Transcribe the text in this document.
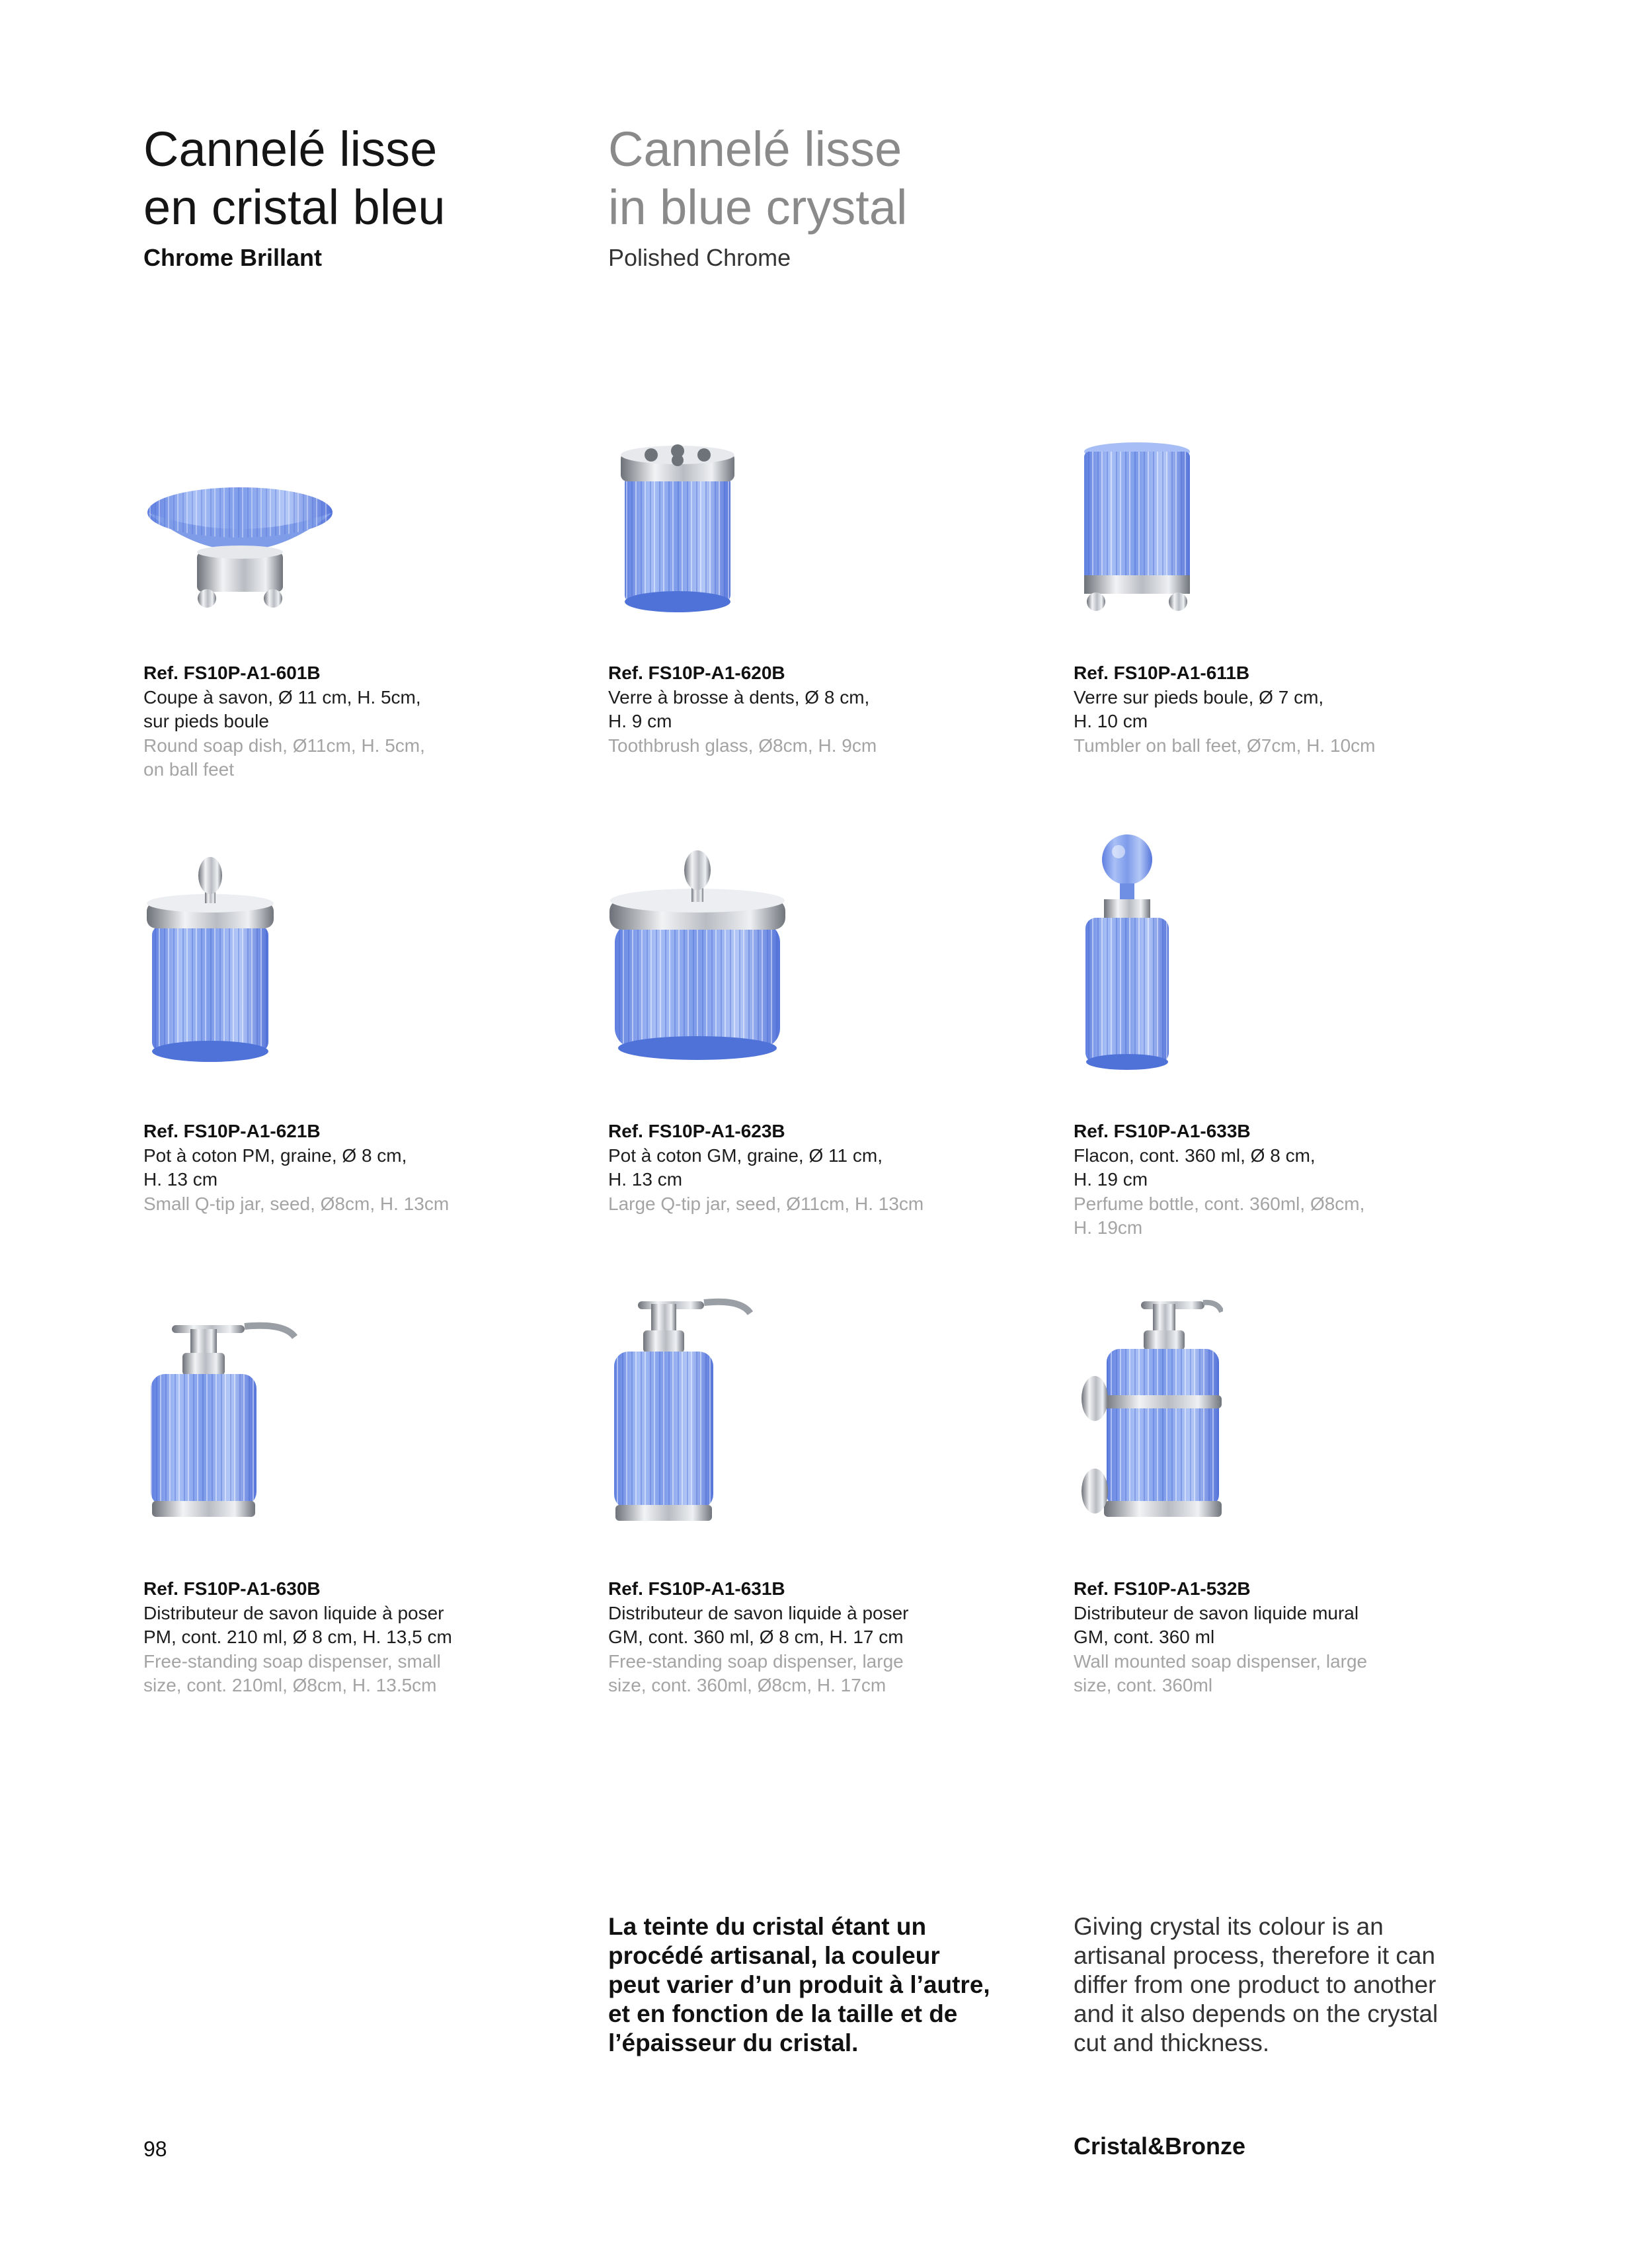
Cannelé lisse
en cristal bleu
Chrome Brillant
Cannelé lisse
in blue crystal
Polished Chrome
Ref. FS10P-A1-601B
Coupe à savon, Ø 11 cm, H. 5cm,
sur pieds boule
Round soap dish, Ø11cm, H. 5cm,
on ball feet
Ref. FS10P-A1-620B
Verre à brosse à dents, Ø 8 cm,
H. 9 cm
Toothbrush glass, Ø8cm, H. 9cm
Ref. FS10P-A1-611B
Verre sur pieds boule, Ø 7 cm,
H. 10 cm
Tumbler on ball feet, Ø7cm, H. 10cm
Ref. FS10P-A1-621B
Pot à coton PM, graine, Ø 8 cm,
H. 13 cm
Small Q-tip jar, seed, Ø8cm, H. 13cm
Ref. FS10P-A1-623B
Pot à coton GM, graine, Ø 11 cm,
H. 13 cm
Large Q-tip jar, seed, Ø11cm, H. 13cm
Ref. FS10P-A1-633B
Flacon, cont. 360 ml, Ø 8 cm,
H. 19 cm
Perfume bottle, cont. 360ml, Ø8cm,
H. 19cm
Ref. FS10P-A1-630B
Distributeur de savon liquide à poser
PM, cont. 210 ml, Ø 8 cm, H. 13,5 cm
Free-standing soap dispenser, small
size, cont. 210ml, Ø8cm, H. 13.5cm
Ref. FS10P-A1-631B
Distributeur de savon liquide à poser
GM, cont. 360 ml, Ø 8 cm, H. 17 cm
Free-standing soap dispenser, large
size, cont. 360ml, Ø8cm, H. 17cm
Ref. FS10P-A1-532B
Distributeur de savon liquide mural
GM, cont. 360 ml
Wall mounted soap dispenser, large
size, cont. 360ml
La teinte du cristal étant un
procédé artisanal, la couleur
peut varier d’un produit à l’autre,
et en fonction de la taille et de
l’épaisseur du cristal.
Giving crystal its colour is an
artisanal process, therefore it can
differ from one product to another
and it also depends on the crystal
cut and thickness.
98	Cristal&Bronze
